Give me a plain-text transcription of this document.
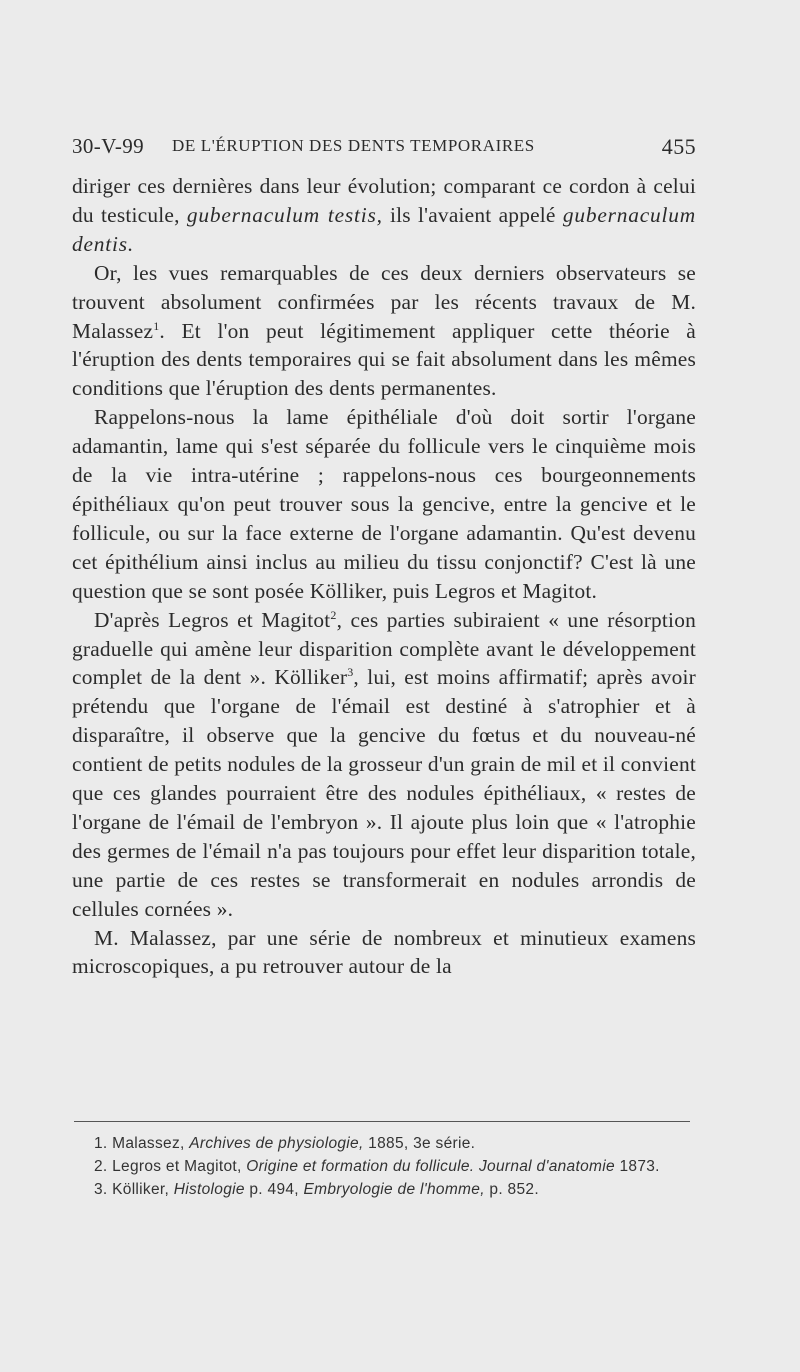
30-V-99 DE L'ÉRUPTION DES DENTS TEMPORAIRES	455

diriger ces dernières dans leur évolution; comparant ce cordon à celui du testicule, gubernaculum testis, ils l'avaient appelé gubernaculum dentis.

Or, les vues remarquables de ces deux derniers observateurs se trouvent absolument confirmées par les récents travaux de M. Malassez$^1$. Et l'on peut légitimement appliquer cette théorie à l'éruption des dents temporaires qui se fait absolument dans les mêmes conditions que l'éruption des dents permanentes.

Rappelons-nous la lame épithéliale d'où doit sortir l'organe adamantin, lame qui s'est séparée du follicule vers le cinquième mois de la vie intra-utérine ; rappelons-nous ces bourgeonnements épithéliaux qu'on peut trouver sous la gencive, entre la gencive et le follicule, ou sur la face externe de l'organe adamantin. Qu'est devenu cet épithélium ainsi inclus au milieu du tissu conjonctif? C'est là une question que se sont posée Kölliker, puis Legros et Magitot.

D'après Legros et Magitot$^2$, ces parties subiraient « une résorption graduelle qui amène leur disparition complète avant le développement complet de la dent ». Kölliker$^3$, lui, est moins affirmatif; après avoir prétendu que l'organe de l'émail est destiné à s'atrophier et à disparaître, il observe que la gencive du fœtus et du nouveau-né contient de petits nodules de la grosseur d'un grain de mil et il convient que ces glandes pourraient être des nodules épithéliaux, « restes de l'organe de l'émail de l'embryon ». Il ajoute plus loin que « l'atrophie des germes de l'émail n'a pas toujours pour effet leur disparition totale, une partie de ces restes se transformerait en nodules arrondis de cellules cornées ».

M. Malassez, par une série de nombreux et minutieux examens microscopiques, a pu retrouver autour de la

1. Malassez, Archives de physiologie, 1885, 3e série.

2. Legros et Magitot, Origine et formation du follicule. Journal d'anatomie 1873.

3. Kölliker, Histologie p. 494, Embryologie de l'homme, p. 852.
